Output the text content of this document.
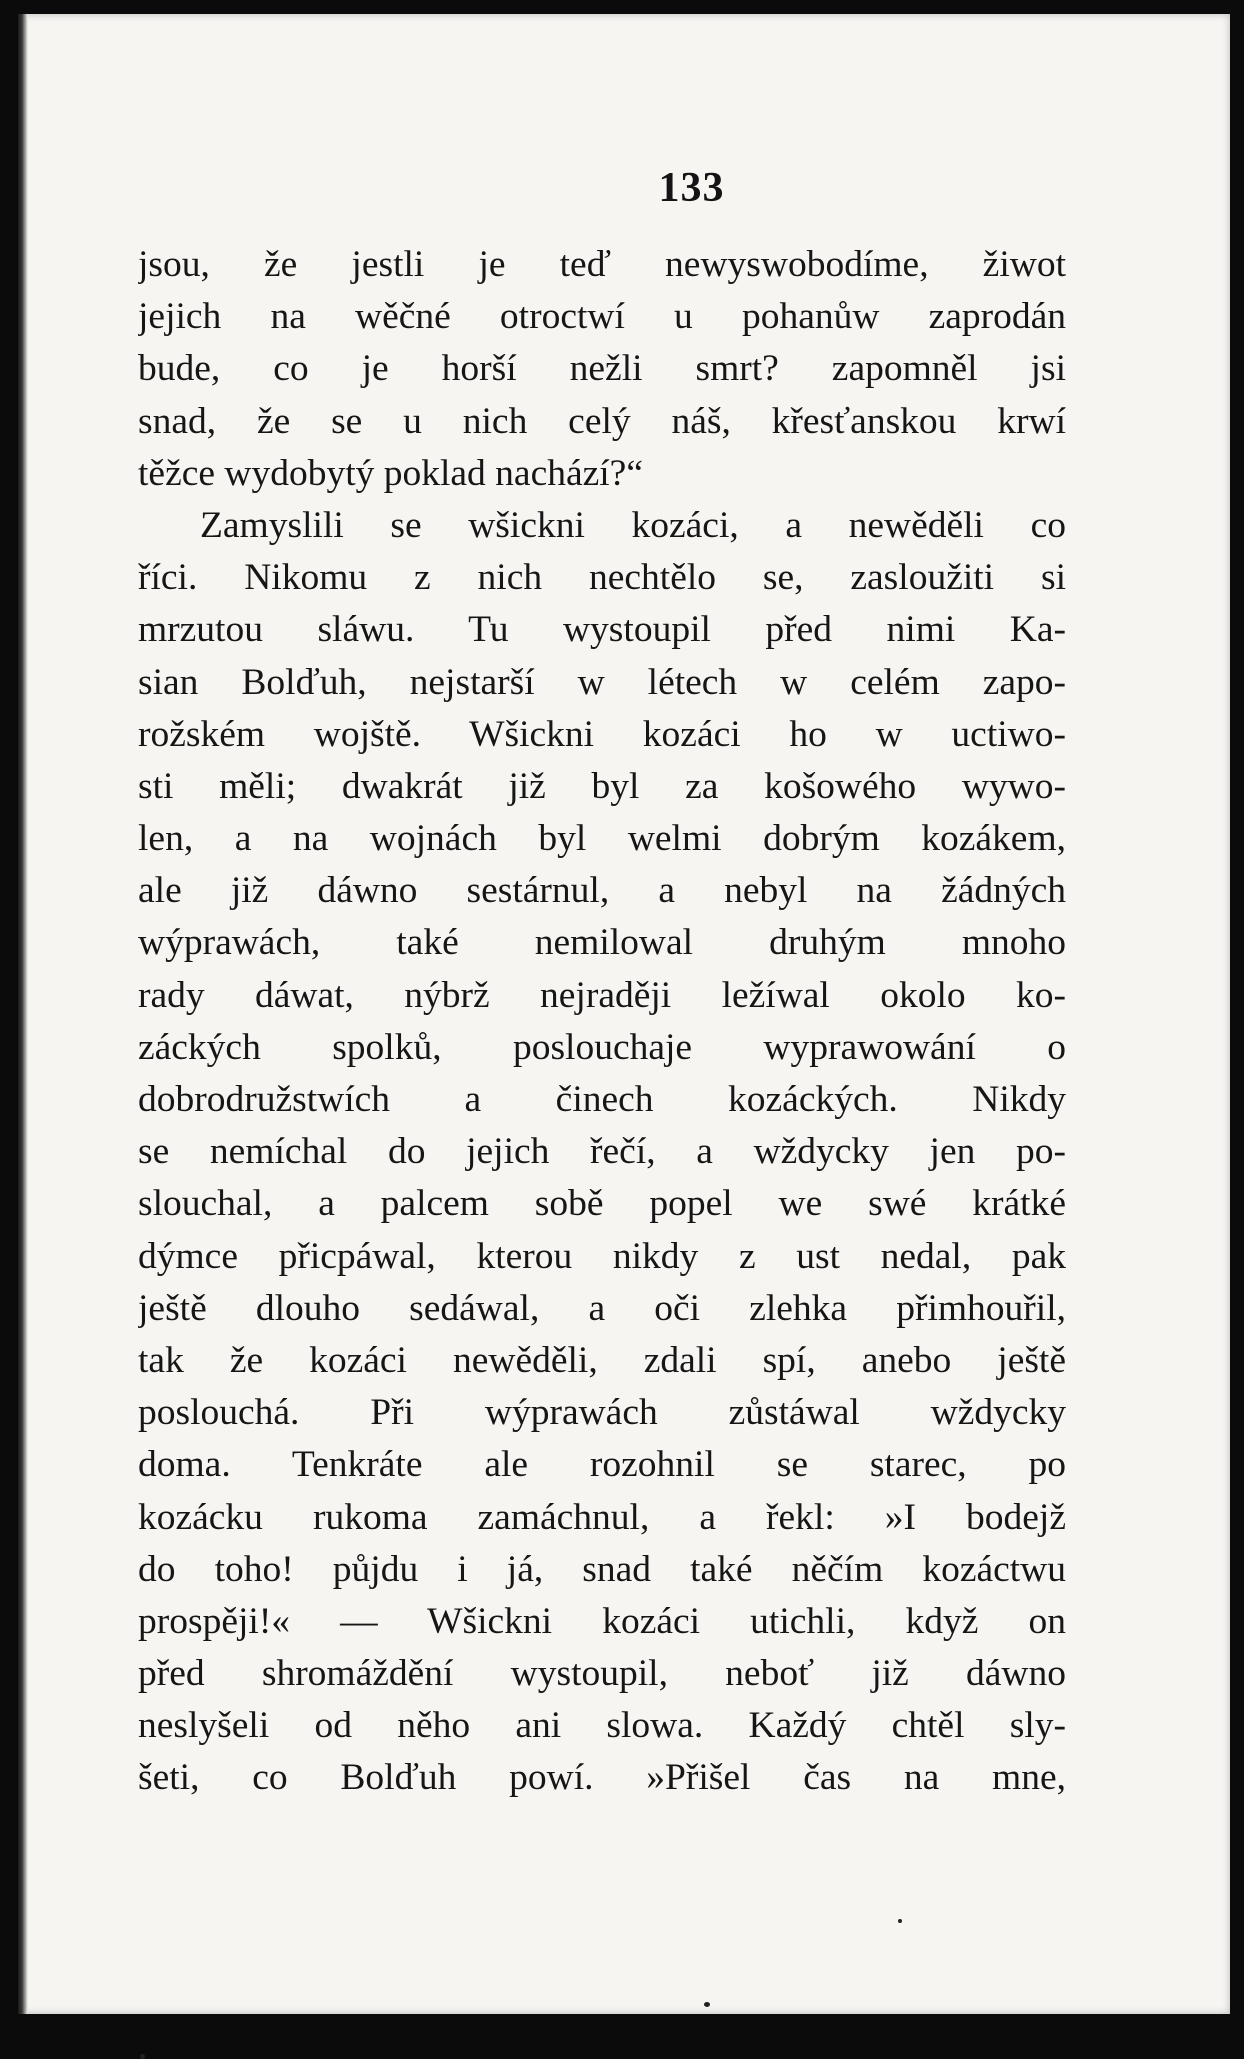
133
jsou, že jestli je teď newyswobodíme, žiwot
jejich na wěčné otroctwí u pohanůw zaprodán
bude, co je horší nežli smrt? zapomněl jsi
snad, že se u nich celý náš, křesťanskou krwí
těžce wydobytý poklad nachází?“
Zamyslili se wšickni kozáci, a newěděli co
říci. Nikomu z nich nechtělo se, zasloužiti si
mrzutou sláwu. Tu wystoupil před nimi Ka-
sian Bolďuh, nejstarší w létech w celém zapo-
rožském wojště. Wšickni kozáci ho w uctiwo-
sti měli; dwakrát již byl za košowého wywo-
len, a na wojnách byl welmi dobrým kozákem,
ale již dáwno sestárnul, a nebyl na žádných
wýprawách, také nemilowal druhým mnoho
rady dáwat, nýbrž nejraději ležíwal okolo ko-
záckých spolků, poslouchaje wyprawowání o
dobrodružstwích a činech kozáckých. Nikdy
se nemíchal do jejich řečí, a wždycky jen po-
slouchal, a palcem sobě popel we swé krátké
dýmce přicpáwal, kterou nikdy z ust nedal, pak
ještě dlouho sedáwal, a oči zlehka přimhouřil,
tak že kozáci newěděli, zdali spí, anebo ještě
poslouchá. Při wýprawách zůstáwal wždycky
doma. Tenkráte ale rozohnil se starec, po
kozácku rukoma zamáchnul, a řekl: »I bodejž
do toho! půjdu i já, snad také něčím kozáctwu
prospěji!« — Wšickni kozáci utichli, když on
před shromáždění wystoupil, neboť již dáwno
neslyšeli od něho ani slowa. Každý chtěl sly-
šeti, co Bolďuh powí. »Přišel čas na mne,
